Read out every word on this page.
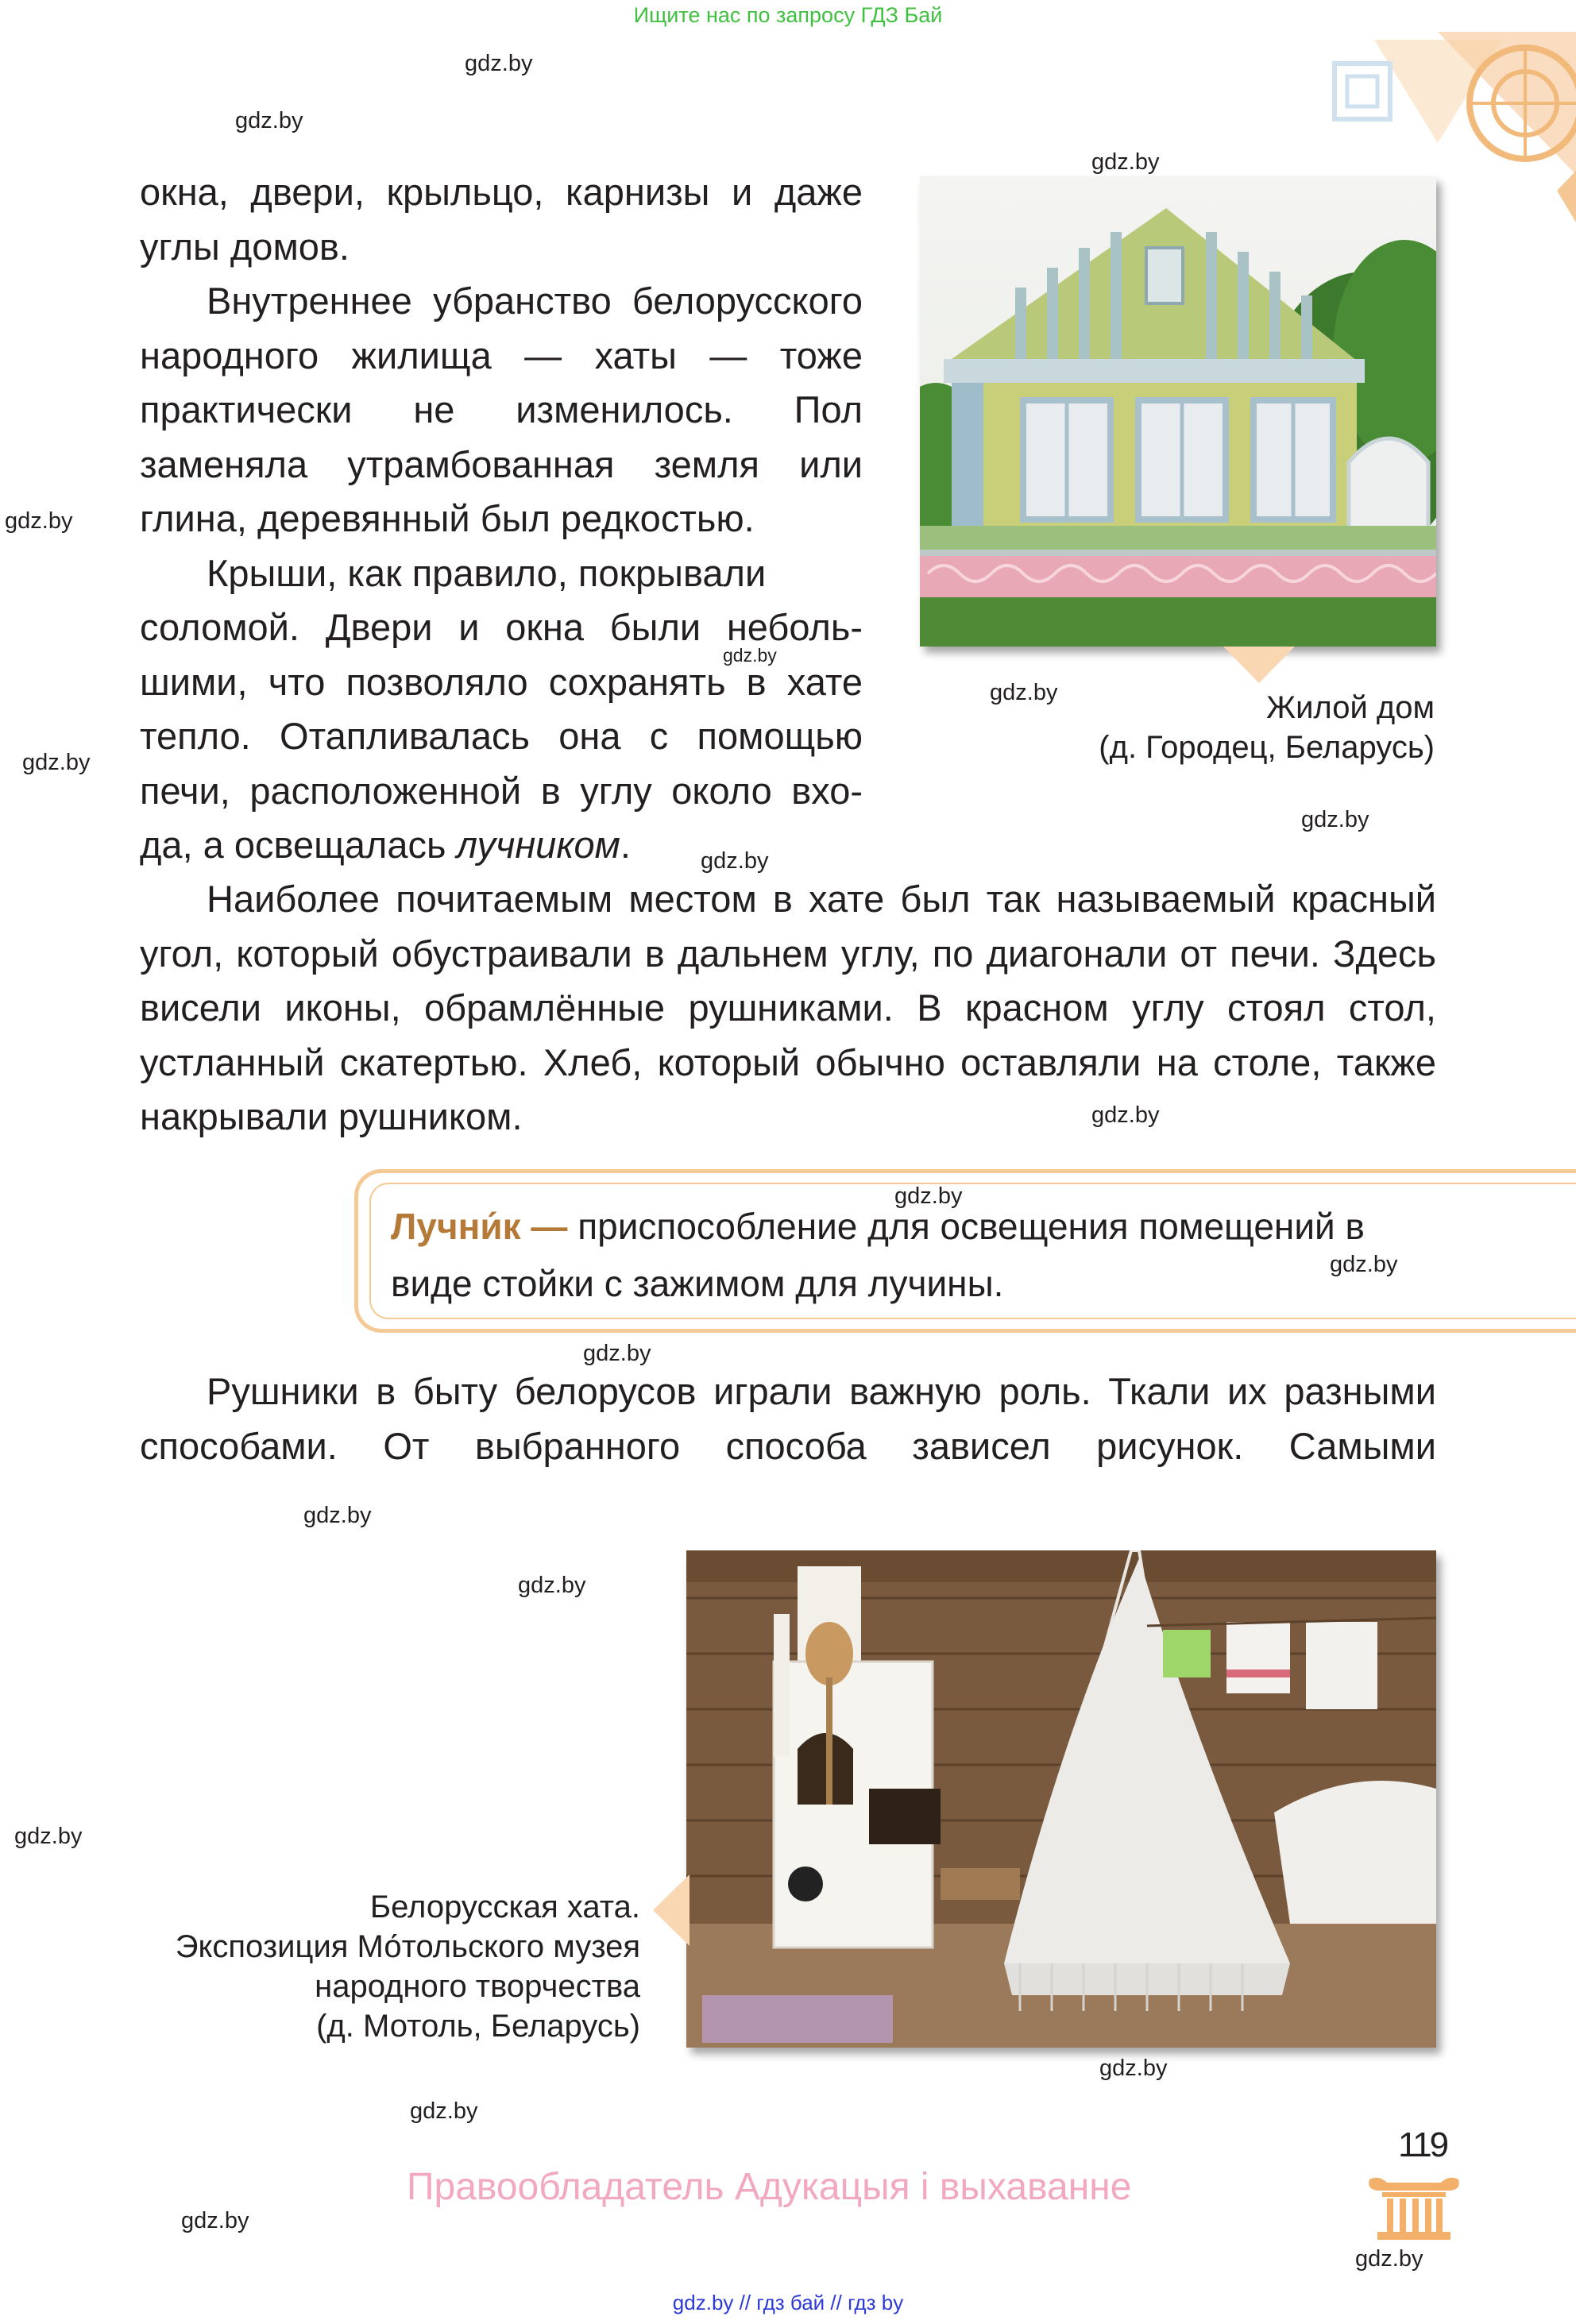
Ищите нас по запросу ГДЗ Бай
gdz.by
gdz.by
gdz.by
gdz.by
gdz.by
gdz.by
gdz.by
gdz.by
gdz.by
gdz.by
gdz.by
gdz.by
gdz.by
gdz.by
gdz.by
gdz.by
gdz.by
gdz.by
gdz.by
gdz.by

окна, двери, крыльцо, карнизы и даже углы домов.

Внутреннее убранство белорусского народного жилища — хаты — тоже практически не изменилось. Пол заменяла утрамбованная земля или глина, деревянный был редкостью.

Крыши, как правило, покрывали
соломой. Двери и окна были неболь-
шими, что позволяло сохранять в хате
тепло. Отапливалась она с помощью
печи, расположенной в углу около вхо-
да, а освещалась лучником.
Жилой дом
(д. Городец, Беларусь)

Наиболее почитаемым местом в хате был так называемый красный угол, который обустраивали в дальнем углу, по диагонали от печи. Здесь висели иконы, обрамлённые рушниками. В красном углу стоял стол, устланный скатертью. Хлеб, который обычно оставляли на столе, также накрывали рушником.

Лучни́к — приспособление для освещения помещений в виде стойки с зажимом для лучины.

Рушники в быту белорусов играли важную роль. Ткали их разными способами. От выбранного способа зависел рисунок. Самыми

Белорусская хата.
Экспозиция Мо́тольского музея
народного творчества
(д. Мотоль, Беларусь)
119
Правообладатель Адукацыя і выхаванне
gdz.by // гдз бай // гдз by
